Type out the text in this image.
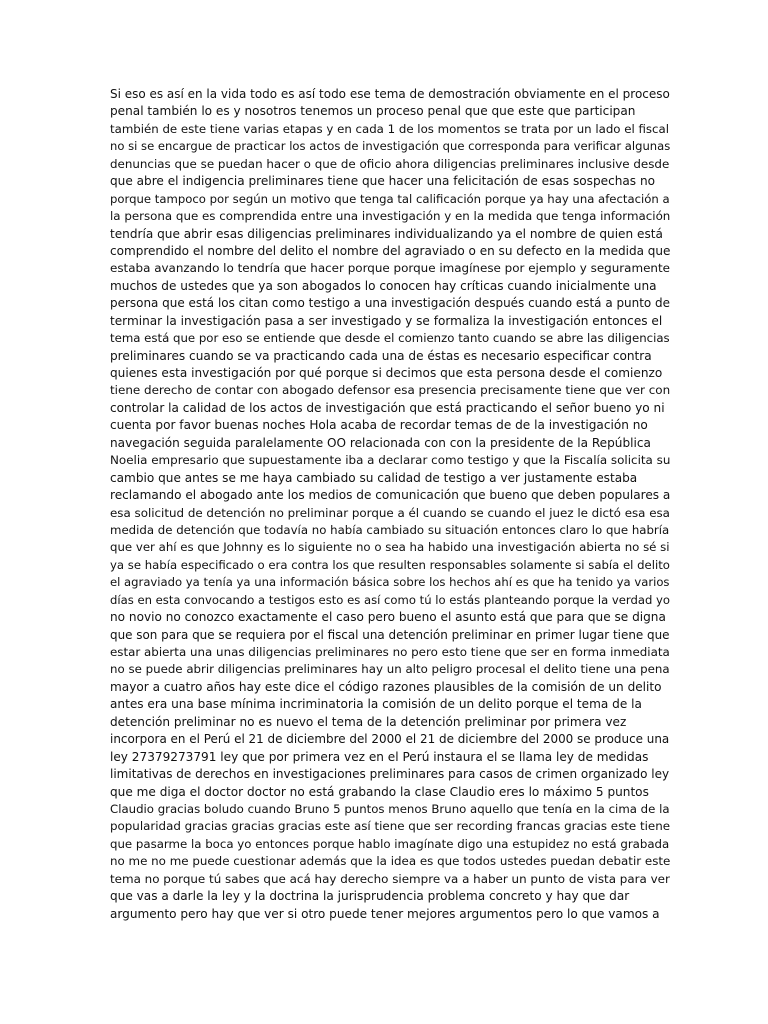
Si eso es así en la vida todo es así todo ese tema de demostración obviamente en el proceso
penal también lo es y nosotros tenemos un proceso penal que que este que participan
también de este tiene varias etapas y en cada 1 de los momentos se trata por un lado el fiscal
no si se encargue de practicar los actos de investigación que corresponda para verificar algunas
denuncias que se puedan hacer o que de oficio ahora diligencias preliminares inclusive desde
que abre el indigencia preliminares tiene que hacer una felicitación de esas sospechas no
porque tampoco por según un motivo que tenga tal calificación porque ya hay una afectación a
la persona que es comprendida entre una investigación y en la medida que tenga información
tendría que abrir esas diligencias preliminares individualizando ya el nombre de quien está
comprendido el nombre del delito el nombre del agraviado o en su defecto en la medida que
estaba avanzando lo tendría que hacer porque porque imagínese por ejemplo y seguramente
muchos de ustedes que ya son abogados lo conocen hay críticas cuando inicialmente una
persona que está los citan como testigo a una investigación después cuando está a punto de
terminar la investigación pasa a ser investigado y se formaliza la investigación entonces el
tema está que por eso se entiende que desde el comienzo tanto cuando se abre las diligencias
preliminares cuando se va practicando cada una de éstas es necesario especificar contra
quienes esta investigación por qué porque si decimos que esta persona desde el comienzo
tiene derecho de contar con abogado defensor esa presencia precisamente tiene que ver con
controlar la calidad de los actos de investigación que está practicando el señor bueno yo ni
cuenta por favor buenas noches Hola acaba de recordar temas de de la investigación no
navegación seguida paralelamente OO relacionada con con la presidente de la República
Noelia empresario que supuestamente iba a declarar como testigo y que la Fiscalía solicita su
cambio que antes se me haya cambiado su calidad de testigo a ver justamente estaba
reclamando el abogado ante los medios de comunicación que bueno que deben populares a
esa solicitud de detención no preliminar porque a él cuando se cuando el juez le dictó esa esa
medida de detención que todavía no había cambiado su situación entonces claro lo que habría
que ver ahí es que Johnny es lo siguiente no o sea ha habido una investigación abierta no sé si
ya se había especificado o era contra los que resulten responsables solamente si sabía el delito
el agraviado ya tenía ya una información básica sobre los hechos ahí es que ha tenido ya varios
días en esta convocando a testigos esto es así como tú lo estás planteando porque la verdad yo
no novio no conozco exactamente el caso pero bueno el asunto está que para que se digna
que son para que se requiera por el fiscal una detención preliminar en primer lugar tiene que
estar abierta una unas diligencias preliminares no pero esto tiene que ser en forma inmediata
no se puede abrir diligencias preliminares hay un alto peligro procesal el delito tiene una pena
mayor a cuatro años hay este dice el código razones plausibles de la comisión de un delito
antes era una base mínima incriminatoria la comisión de un delito porque el tema de la
detención preliminar no es nuevo el tema de la detención preliminar por primera vez
incorpora en el Perú el 21 de diciembre del 2000 el 21 de diciembre del 2000 se produce una
ley 27379273791 ley que por primera vez en el Perú instaura el se llama ley de medidas
limitativas de derechos en investigaciones preliminares para casos de crimen organizado ley
que me diga el doctor doctor no está grabando la clase Claudio eres lo máximo 5 puntos
Claudio gracias boludo cuando Bruno 5 puntos menos Bruno aquello que tenía en la cima de la
popularidad gracias gracias gracias este así tiene que ser recording francas gracias este tiene
que pasarme la boca yo entonces porque hablo imagínate digo una estupidez no está grabada
no me no me puede cuestionar además que la idea es que todos ustedes puedan debatir este
tema no porque tú sabes que acá hay derecho siempre va a haber un punto de vista para ver
que vas a darle la ley y la doctrina la jurisprudencia problema concreto y hay que dar
argumento pero hay que ver si otro puede tener mejores argumentos pero lo que vamos a
